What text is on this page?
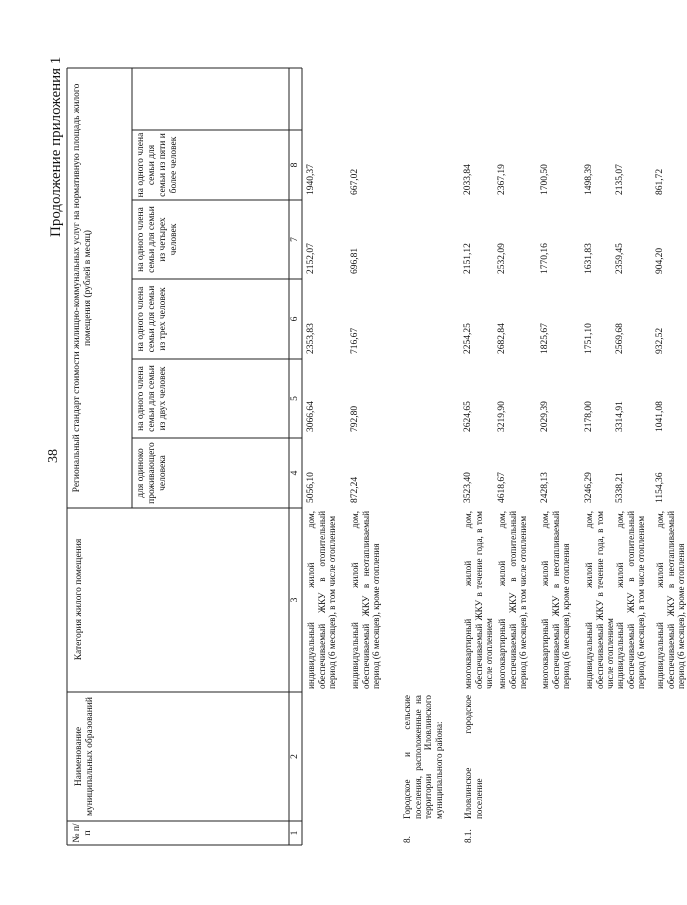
38
Продолжение приложения 1
№ п/п
Наименование муниципальных образований
Категория жилого помещения
Региональный стандарт стоимости жилищно-коммунальных услуг на нормативную площадь жилого помещения (рублей в месяц)
для одиноко проживающего человека
на одного члена семьи для семьи из двух человек
на одного члена семьи для семьи из трех человек
на одного члена семьи для семьи из четырех человек
на одного члена семьи для семьи из пяти и более человек
1
2
3
4
5
6
7
8
индивидуальный жилой дом, обеспечиваемый ЖКУ в отопительный период (6 месяцев), в том числе отоплением
5056,10
3066,64
2353,83
2152,07
1940,37
индивидуальный жилой дом, обеспечиваемый ЖКУ в неотапливаемый период (6 месяцев), кроме отопления
872,24
792,80
716,67
696,81
667,02
8.
Городское и сельские поселения, расположенные на территории Иловлинского муниципального района:
8.1.
Иловлинское городское поселение
многоквартирный жилой дом, обеспечиваемый ЖКУ в течение года, в том числе отоплением
3523,40
2624,65
2254,25
2151,12
2033,84
многоквартирный жилой дом, обеспечиваемый ЖКУ в отопительный период (6 месяцев), в том числе отоплением
4618,67
3219,90
2682,84
2532,09
2367,19
многоквартирный жилой дом, обеспечиваемый ЖКУ в неотапливаемый период (6 месяцев), кроме отопления
2428,13
2029,39
1825,67
1770,16
1700,50
индивидуальный жилой дом, обеспечиваемый ЖКУ в течение года, в том числе отоплением
3246,29
2178,00
1751,10
1631,83
1498,39
индивидуальный жилой дом, обеспечиваемый ЖКУ в отопительный период (6 месяцев), в том числе отоплением
5338,21
3314,91
2569,68
2359,45
2135,07
индивидуальный жилой дом, обеспечиваемый ЖКУ в неотапливаемый период (6 месяцев), кроме отопления
1154,36
1041,08
932,52
904,20
861,72
